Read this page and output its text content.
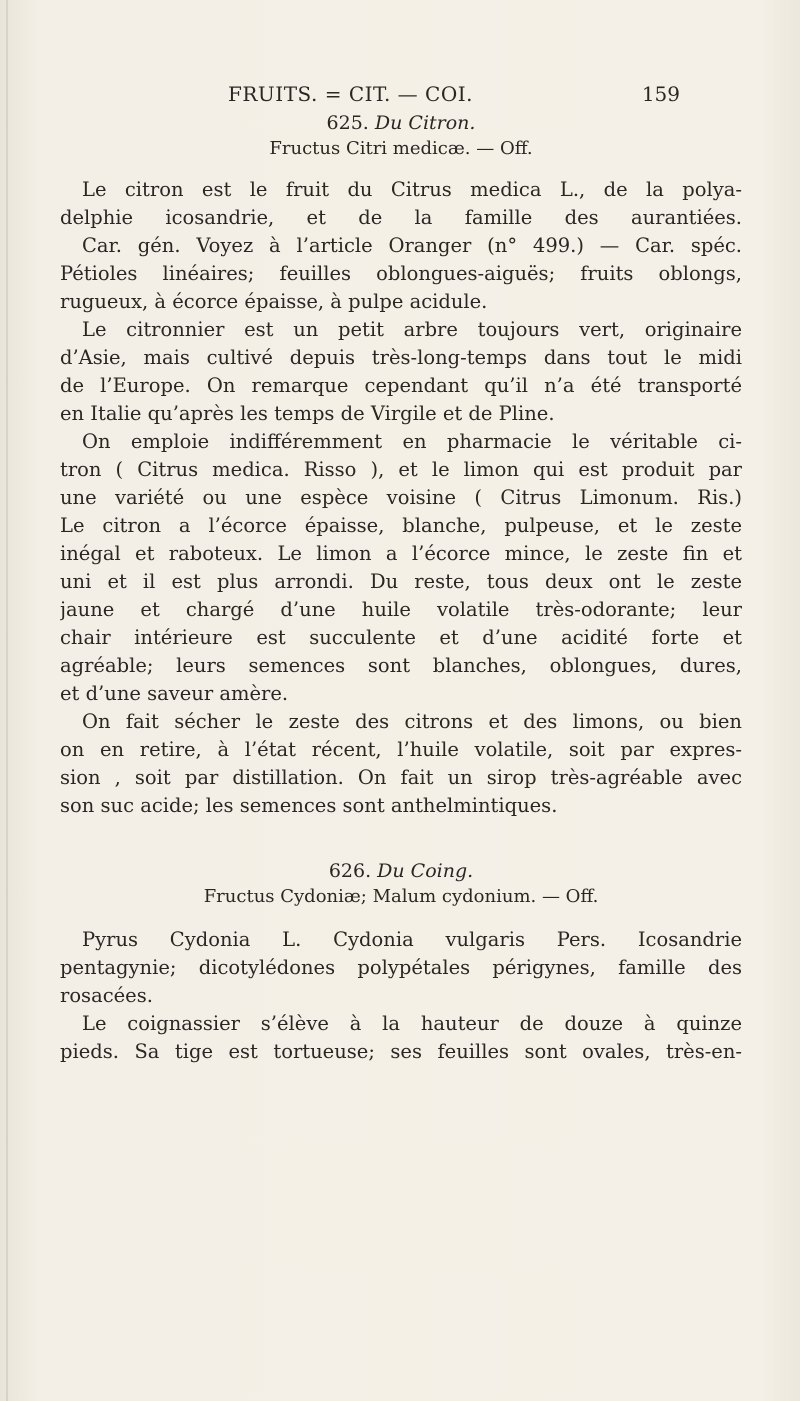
FRUITS. = CIT. — COI.	159
625. Du Citron.
Fructus Citri medicæ. — Off.
Le citron est le fruit du Citrus medica L., de la polya-
delphie icosandrie, et de la famille des aurantiées.
Car. gén. Voyez à l’article Oranger (n° 499.) — Car. spéc.
Pétioles linéaires; feuilles oblongues-aiguës; fruits oblongs,
rugueux, à écorce épaisse, à pulpe acidule.
Le citronnier est un petit arbre toujours vert, originaire
d’Asie, mais cultivé depuis très-long-temps dans tout le midi
de l’Europe. On remarque cependant qu’il n’a été transporté
en Italie qu’après les temps de Virgile et de Pline.
On emploie indifféremment en pharmacie le véritable ci-
tron ( Citrus medica. Risso ), et le limon qui est produit par
une variété ou une espèce voisine ( Citrus Limonum. Ris.)
Le citron a l’écorce épaisse, blanche, pulpeuse, et le zeste
inégal et raboteux. Le limon a l’écorce mince, le zeste fin et
uni et il est plus arrondi. Du reste, tous deux ont le zeste
jaune et chargé d’une huile volatile très-odorante; leur
chair intérieure est succulente et d’une acidité forte et
agréable; leurs semences sont blanches, oblongues, dures,
et d’une saveur amère.
On fait sécher le zeste des citrons et des limons, ou bien
on en retire, à l’état récent, l’huile volatile, soit par expres-
sion , soit par distillation. On fait un sirop très-agréable avec
son suc acide; les semences sont anthelmintiques.
626. Du Coing.
Fructus Cydoniæ; Malum cydonium. — Off.
Pyrus Cydonia L. Cydonia vulgaris Pers. Icosandrie
pentagynie; dicotylédones polypétales périgynes, famille des
rosacées.
Le coignassier s’élève à la hauteur de douze à quinze
pieds. Sa tige est tortueuse; ses feuilles sont ovales, très-en-
